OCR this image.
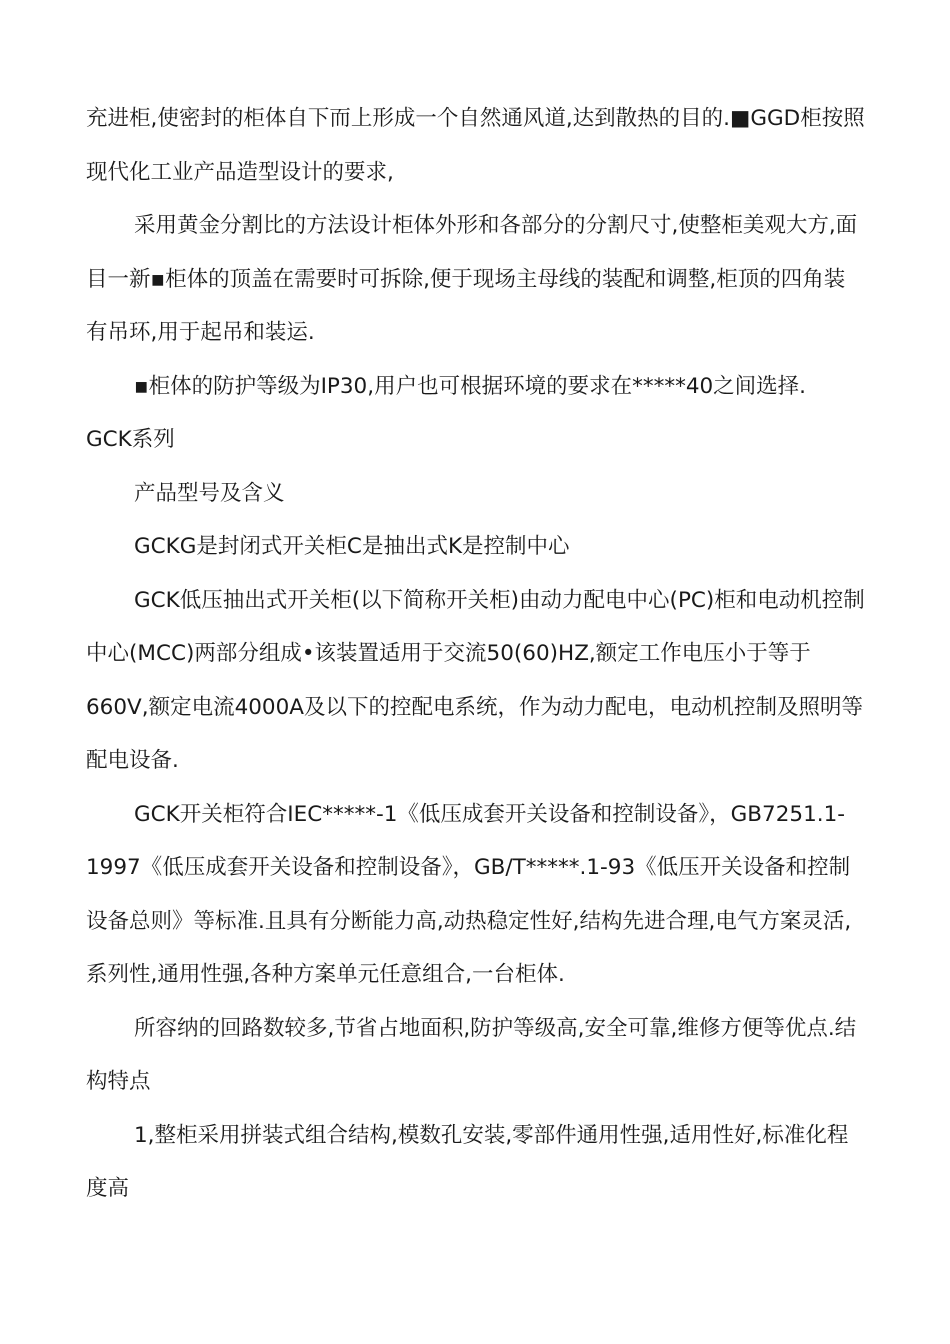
充进柜,使密封的柜体自下而上形成一个自然通风道,达到散热的目的.■GGD柜按照现代化工业产品造型设计的要求,

采用黄金分割比的方法设计柜体外形和各部分的分割尺寸,使整柜美观大方,面目一新▪柜体的顶盖在需要时可拆除,便于现场主母线的装配和调整,柜顶的四角装有吊环,用于起吊和装运.

▪柜体的防护等级为IP30,用户也可根据环境的要求在*****40之间选择.

GCK系列

产品型号及含义

GCKG是封闭式开关柜C是抽出式K是控制中心

GCK低压抽出式开关柜(以下简称开关柜)由动力配电中心(PC)柜和电动机控制中心(MCC)两部分组成•该装置适用于交流50(60)HZ,额定工作电压小于等于660V,额定电流4000A及以下的控配电系统，作为动力配电，电动机控制及照明等配电设备.

GCK开关柜符合IEC*****-1《低压成套开关设备和控制设备》，GB7251.1-1997《低压成套开关设备和控制设备》，GB/T*****.1-93《低压开关设备和控制设备总则》等标准.且具有分断能力高,动热稳定性好,结构先进合理,电气方案灵活,系列性,通用性强,各种方案单元任意组合,一台柜体.

所容纳的回路数较多,节省占地面积,防护等级高,安全可靠,维修方便等优点.结构特点

1,整柜采用拼装式组合结构,模数孔安装,零部件通用性强,适用性好,标准化程度高
